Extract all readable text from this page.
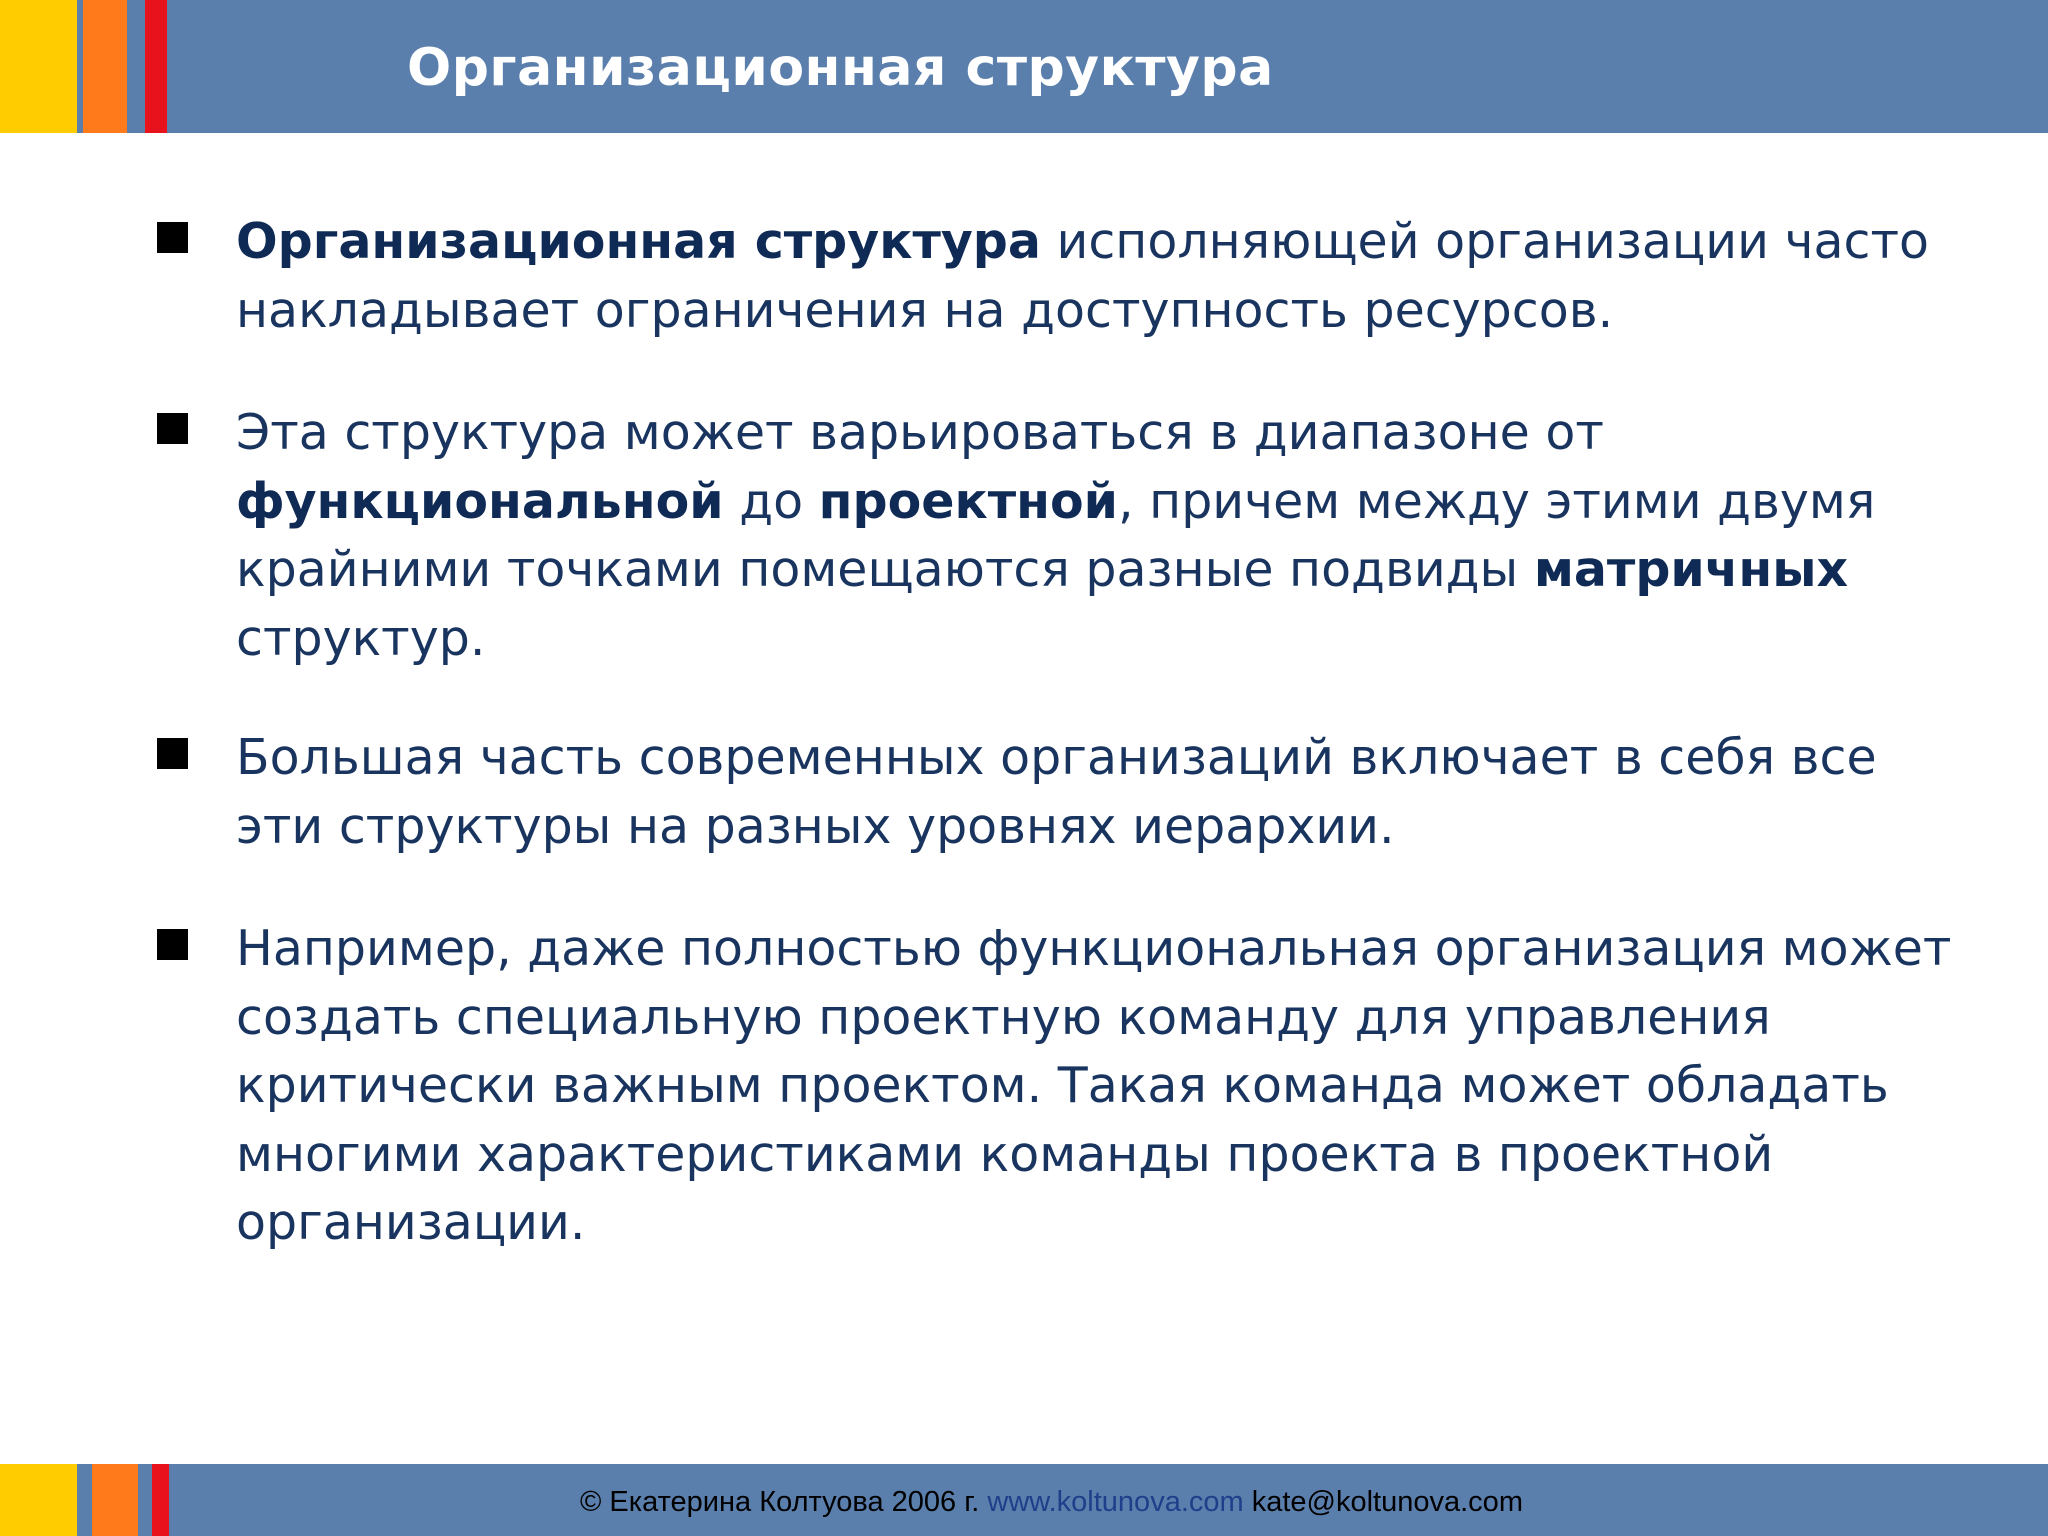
Организационная структура

Организационная структура исполняющей организации часто
накладывает ограничения на доступность ресурсов.

Эта структура может варьироваться в диапазоне от
функциональной до проектной, причем между этими двумя
крайними точками помещаются разные подвиды матричных
структур.

Большая часть современных организаций включает в себя все
эти структуры на разных уровнях иерархии.

Например, даже полностью функциональная организация может
создать специальную проектную команду для управления
критически важным проектом. Такая команда может обладать
многими характеристиками команды проекта в проектной
организации.

© Екатерина Колтуова 2006 г. www.koltunova.com kate@koltunova.com
